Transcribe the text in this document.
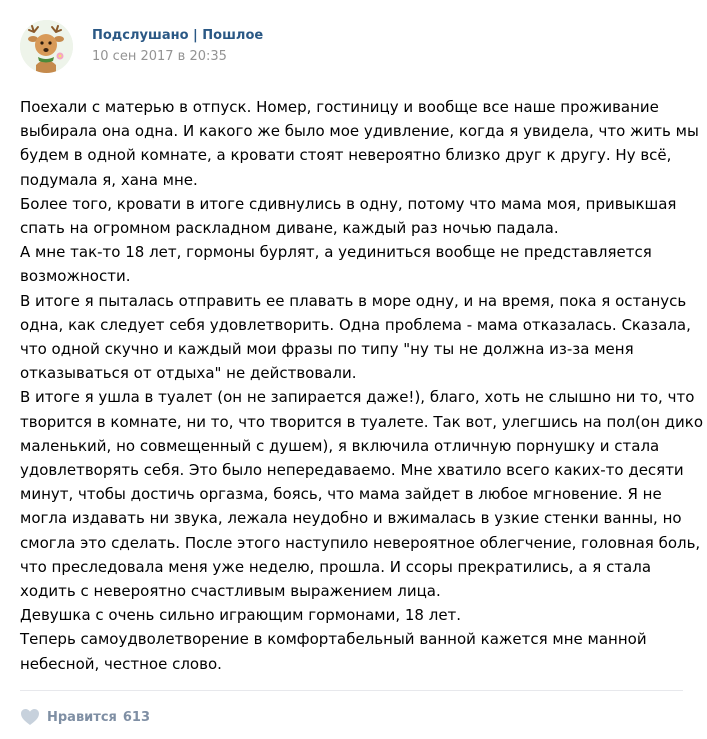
Подслушано | Пошлое
10 сен 2017 в 20:35
Поехали с матерью в отпуск. Номер, гостиницу и вообще все наше проживание
выбирала она одна. И какого же было мое удивление, когда я увидела, что жить мы
будем в одной комнате, а кровати стоят невероятно близко друг к другу. Ну всё,
подумала я, хана мне.
Более того, кровати в итоге сдивнулись в одну, потому что мама моя, привыкшая
спать на огромном раскладном диване, каждый раз ночью падала.
А мне так-то 18 лет, гормоны бурлят, а уединиться вообще не представляется
возможности.
В итоге я пыталась отправить ее плавать в море одну, и на время, пока я останусь
одна, как следует себя удовлетворить. Одна проблема - мама отказалась. Сказала,
что одной скучно и каждый мои фразы по типу "ну ты не должна из-за меня
отказываться от отдыха" не действовали.
В итоге я ушла в туалет (он не запирается даже!), благо, хоть не слышно ни то, что
творится в комнате, ни то, что творится в туалете. Так вот, улегшись на пол(он дико
маленький, но совмещенный с душем), я включила отличную порнушку и стала
удовлетворять себя. Это было непередаваемо. Мне хватило всего каких-то десяти
минут, чтобы достичь оргазма, боясь, что мама зайдет в любое мгновение. Я не
могла издавать ни звука, лежала неудобно и вжималась в узкие стенки ванны, но
смогла это сделать. После этого наступило невероятное облегчение, головная боль,
что преследовала меня уже неделю, прошла. И ссоры прекратились, а я стала
ходить с невероятно счастливым выражением лица.
Девушка с очень сильно играющим гормонами, 18 лет.
Теперь самоудволетворение в комфортабельный ванной кажется мне манной
небесной, честное слово.
Нравится 613
